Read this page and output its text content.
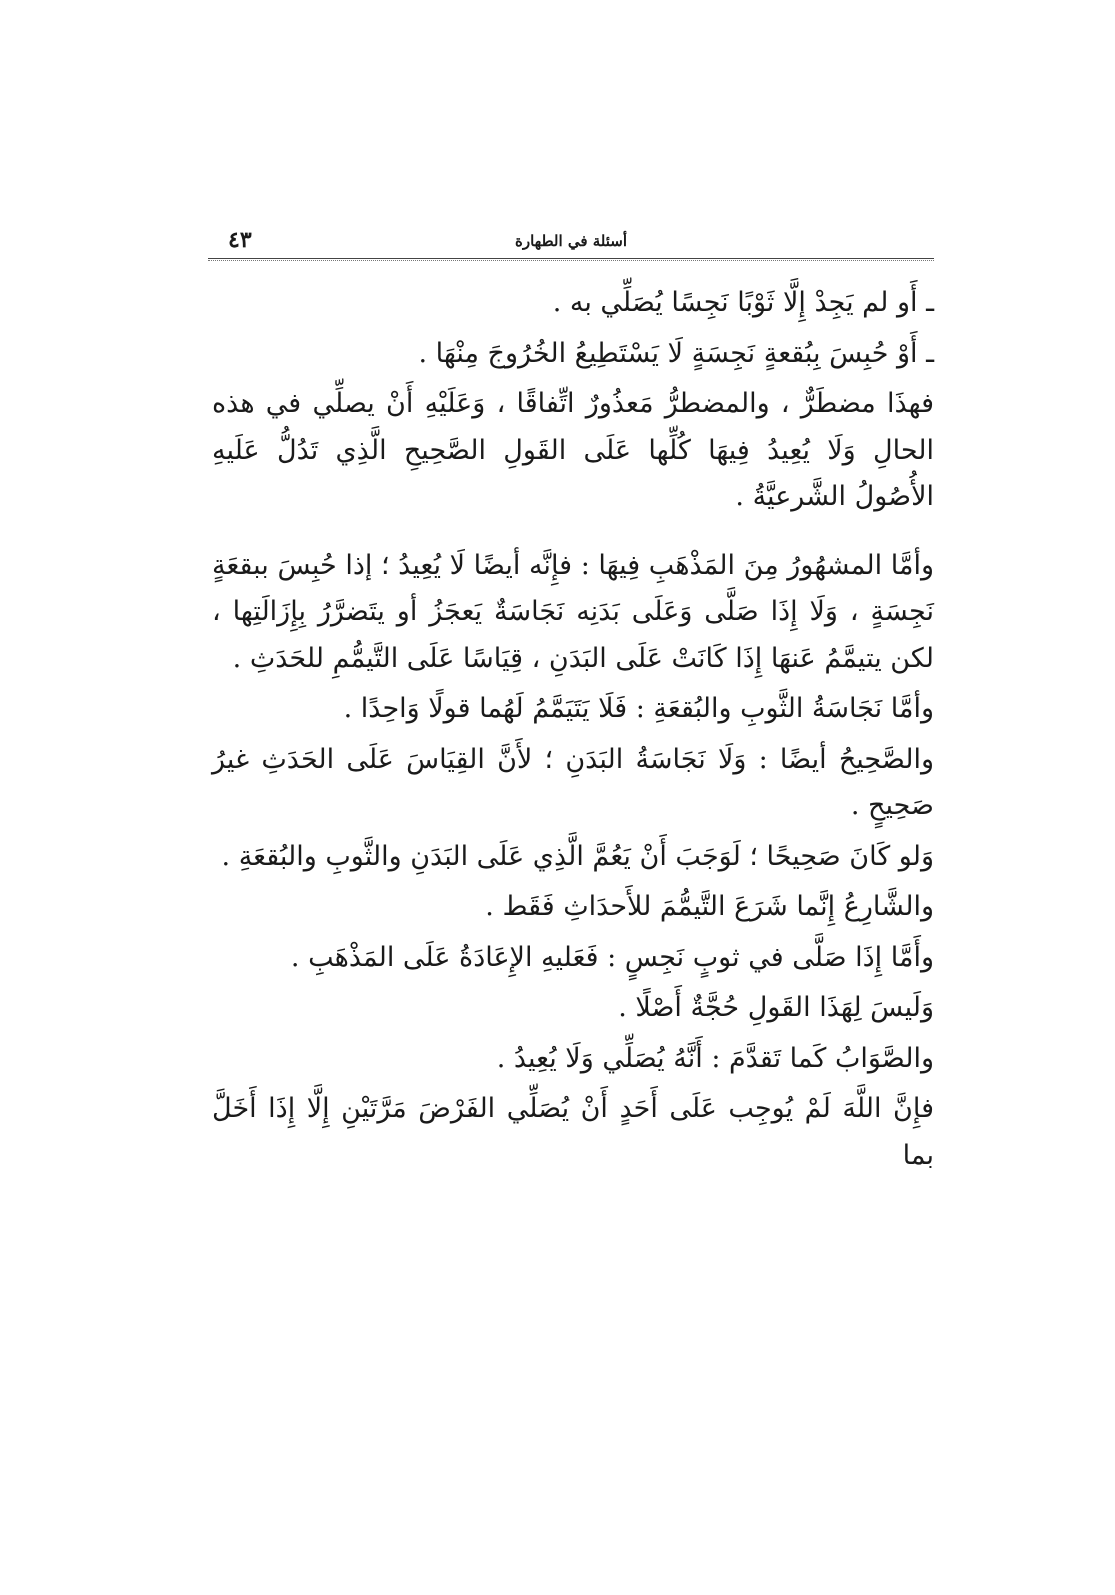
٤٣	أسئلة في الطهارة

ـ أَو لم يَجِدْ إِلَّا ثَوْبًا نَجِسًا يُصَلِّي به .

ـ أَوْ حُبِسَ بِبُقعةٍ نَجِسَةٍ لَا يَسْتَطِيعُ الخُرُوجَ مِنْهَا .

فهذَا مضطَرٌّ ، والمضطرُّ مَعذُورٌ اتِّفاقًا ، وَعَلَيْهِ أَنْ يصلِّي في هذه الحالِ وَلَا يُعِيدُ فِيهَا كُلِّها عَلَى القَولِ الصَّحِيحِ الَّذِي تَدُلُّ عَلَيهِ الأُصُولُ الشَّرعيَّةُ .

وأمَّا المشهُورُ مِنَ المَذْهَبِ فِيهَا : فإِنَّه أيضًا لَا يُعِيدُ ؛ إذا حُبِسَ ببقعَةٍ نَجِسَةٍ ، وَلَا إِذَا صَلَّى وَعَلَى بَدَنِه نَجَاسَةٌ يَعجَزُ أو يتَضرَّرُ بِإِزَالَتِها ، لكن يتيمَّمُ عَنهَا إِذَا كَانَتْ عَلَى البَدَنِ ، قِيَاسًا عَلَى التَّيمُّمِ للحَدَثِ .

وأمَّا نَجَاسَةُ الثَّوبِ والبُقعَةِ : فَلَا يَتَيَمَّمُ لَهُما قولًا وَاحِدًا .

والصَّحِيحُ أيضًا : وَلَا نَجَاسَةُ البَدَنِ ؛ لأَنَّ القِيَاسَ عَلَى الحَدَثِ غيرُ صَحِيحٍ .

وَلو كَانَ صَحِيحًا ؛ لَوَجَبَ أَنْ يَعُمَّ الَّذِي عَلَى البَدَنِ والثَّوبِ والبُقعَةِ .

والشَّارِعُ إِنَّما شَرَعَ التَّيمُّمَ للأَحدَاثِ فَقَط .

وأَمَّا إِذَا صَلَّى في ثوبٍ نَجِسٍ : فَعَليهِ الإِعَادَةُ عَلَى المَذْهَبِ .

وَلَيسَ لِهَذَا القَولِ حُجَّةٌ أَصْلًا .

والصَّوَابُ كَما تَقدَّمَ : أَنَّهُ يُصَلِّي وَلَا يُعِيدُ .

فإِنَّ اللَّهَ لَمْ يُوجِب عَلَى أَحَدٍ أَنْ يُصَلِّي الفَرْضَ مَرَّتَيْنِ إِلَّا إِذَا أَخَلَّ بما
